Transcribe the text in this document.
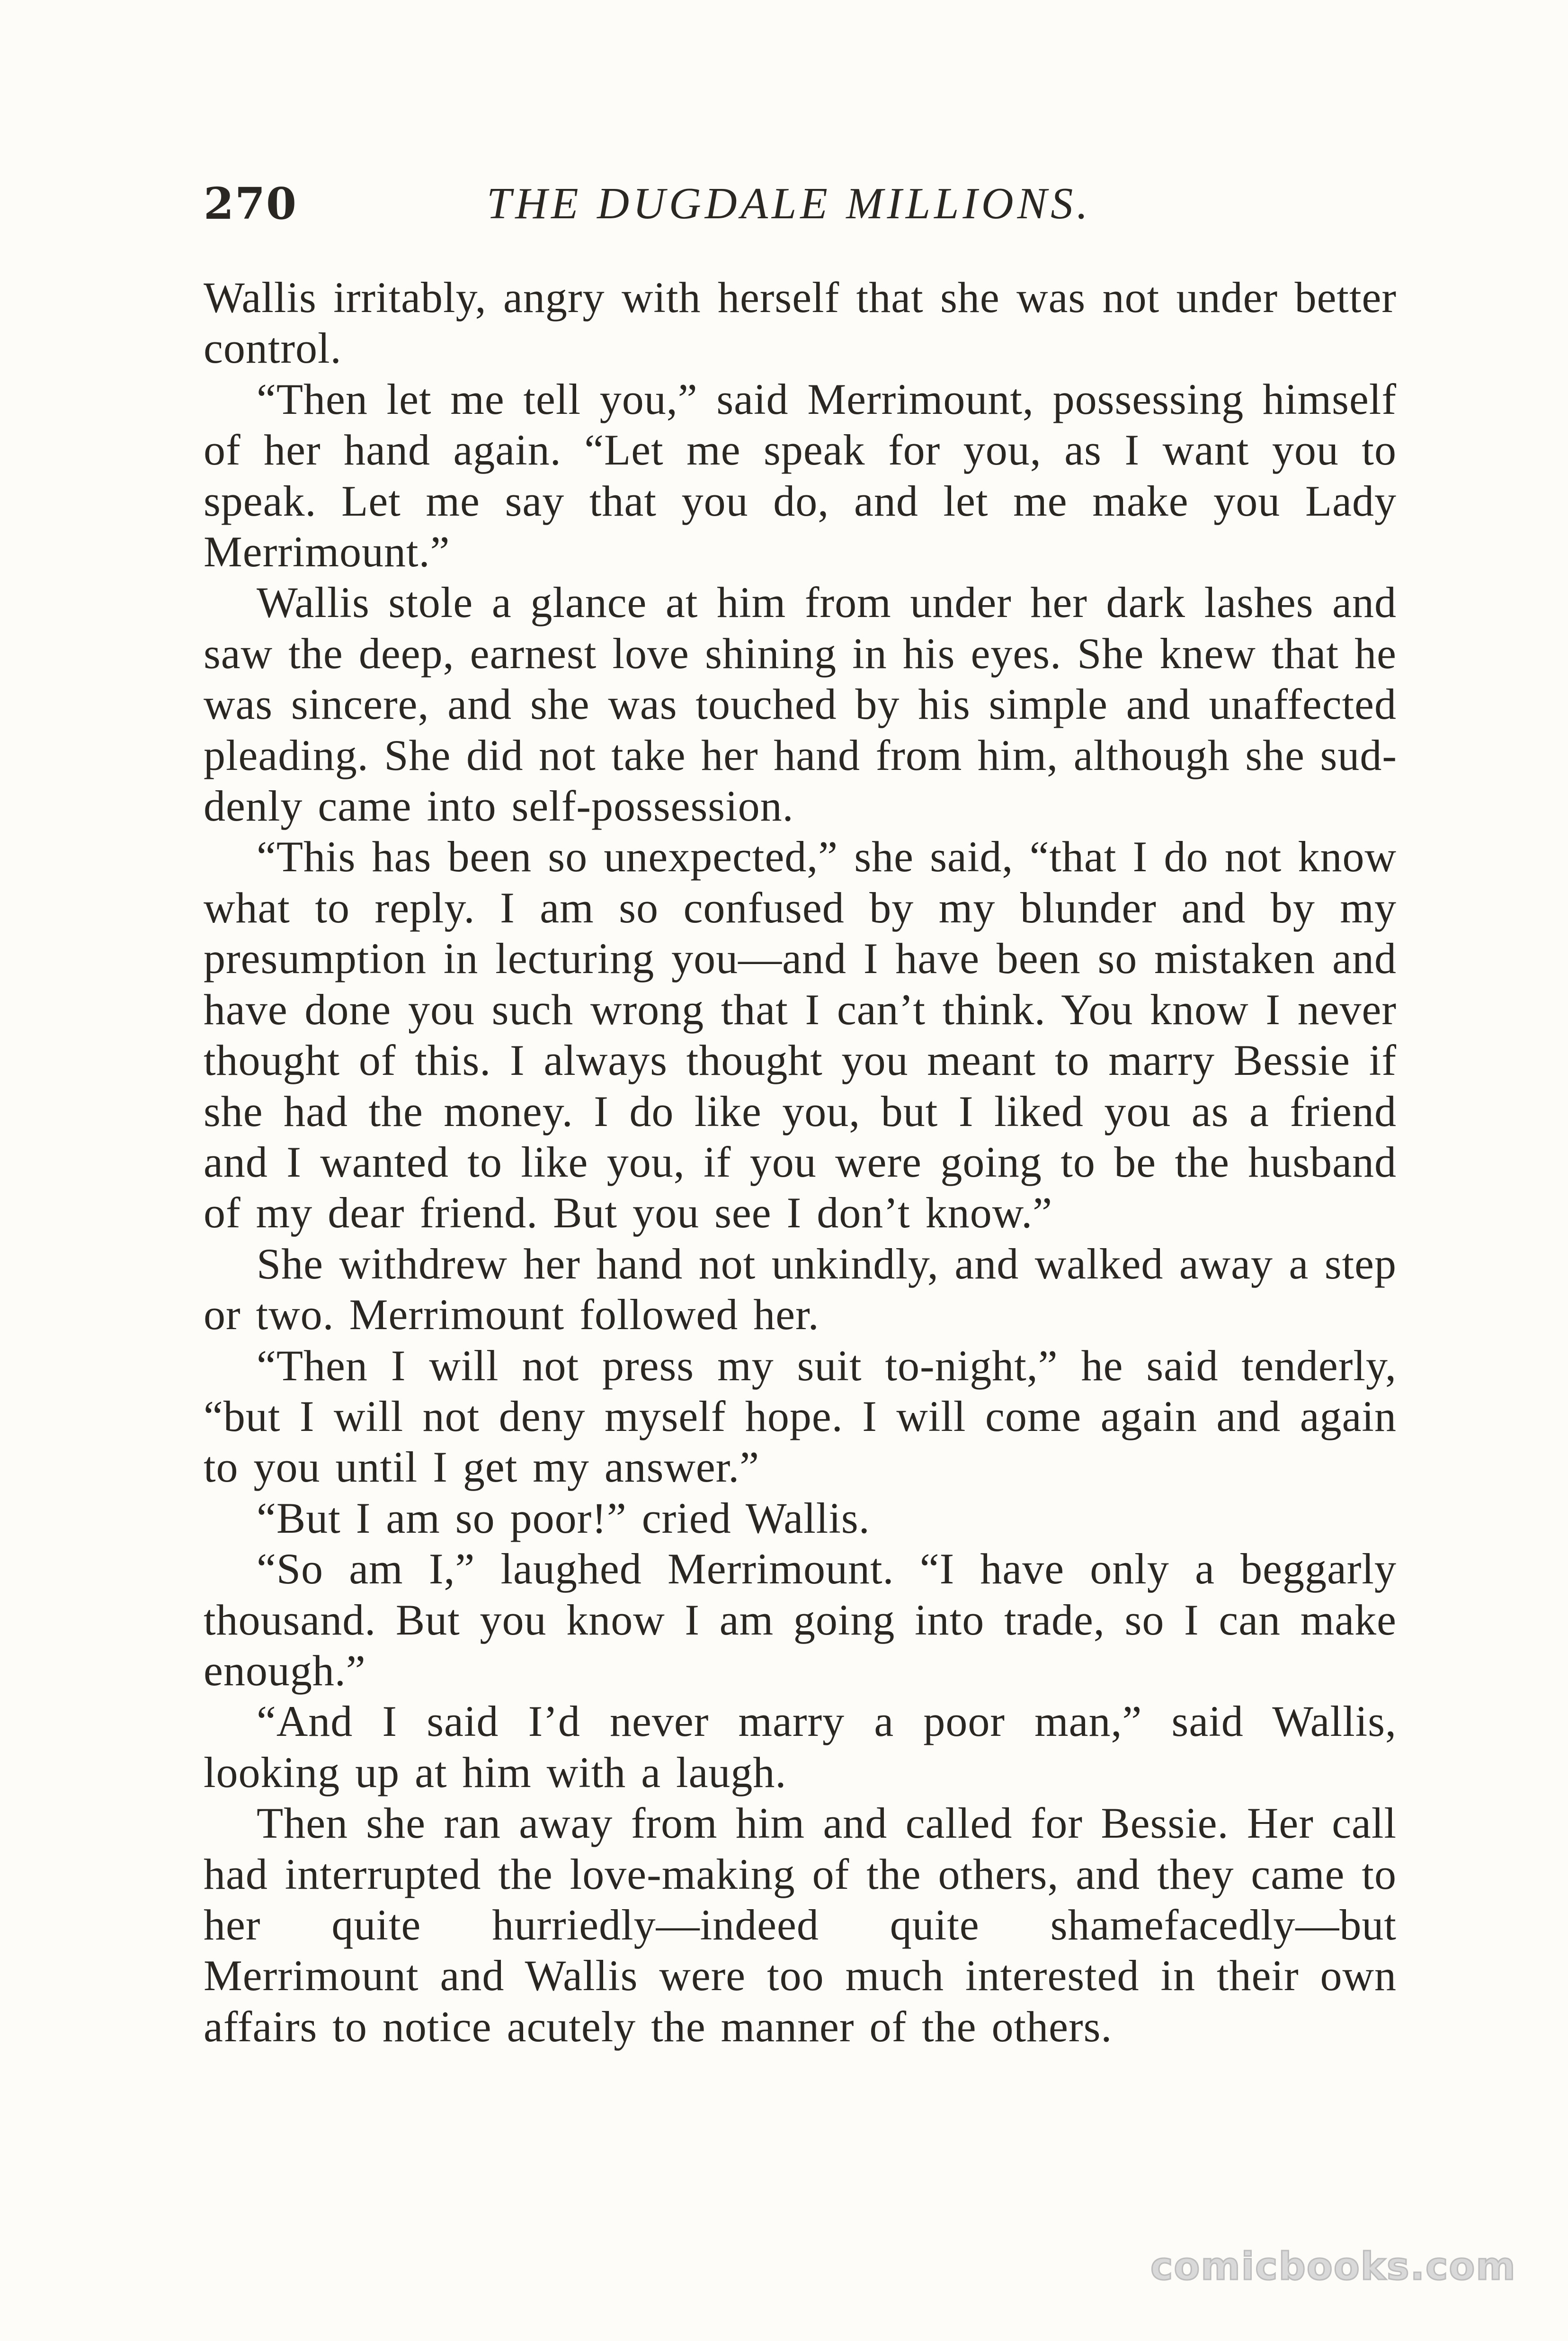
270	THE DUGDALE MILLIONS.

Wallis irritably, angry with herself that she was not under better control.

“Then let me tell you,” said Merrimount, possessing himself of her hand again. “Let me speak for you, as I want you to speak. Let me say that you do, and let me make you Lady Merrimount.”

Wallis stole a glance at him from under her dark lashes and saw the deep, earnest love shining in his eyes. She knew that he was sincere, and she was touched by his simple and unaffected pleading. She did not take her hand from him, although she suddenly came into self-possession.

“This has been so unexpected,” she said, “that I do not know what to reply. I am so confused by my blunder and by my presumption in lecturing you—and I have been so mistaken and have done you such wrong that I can’t think. You know I never thought of this. I always thought you meant to marry Bessie if she had the money. I do like you, but I liked you as a friend and I wanted to like you, if you were going to be the husband of my dear friend. But you see I don’t know.”

She withdrew her hand not unkindly, and walked away a step or two. Merrimount followed her.

“Then I will not press my suit to-night,” he said tenderly, “but I will not deny myself hope. I will come again and again to you until I get my answer.”

“But I am so poor!” cried Wallis.

“So am I,” laughed Merrimount. “I have only a beggarly thousand. But you know I am going into trade, so I can make enough.”

“And I said I’d never marry a poor man,” said Wallis, looking up at him with a laugh.

Then she ran away from him and called for Bessie. Her call had interrupted the love-making of the others, and they came to her quite hurriedly—indeed quite shamefacedly—but Merrimount and Wallis were too much interested in their own affairs to notice acutely the manner of the others.

comicbooks.com
